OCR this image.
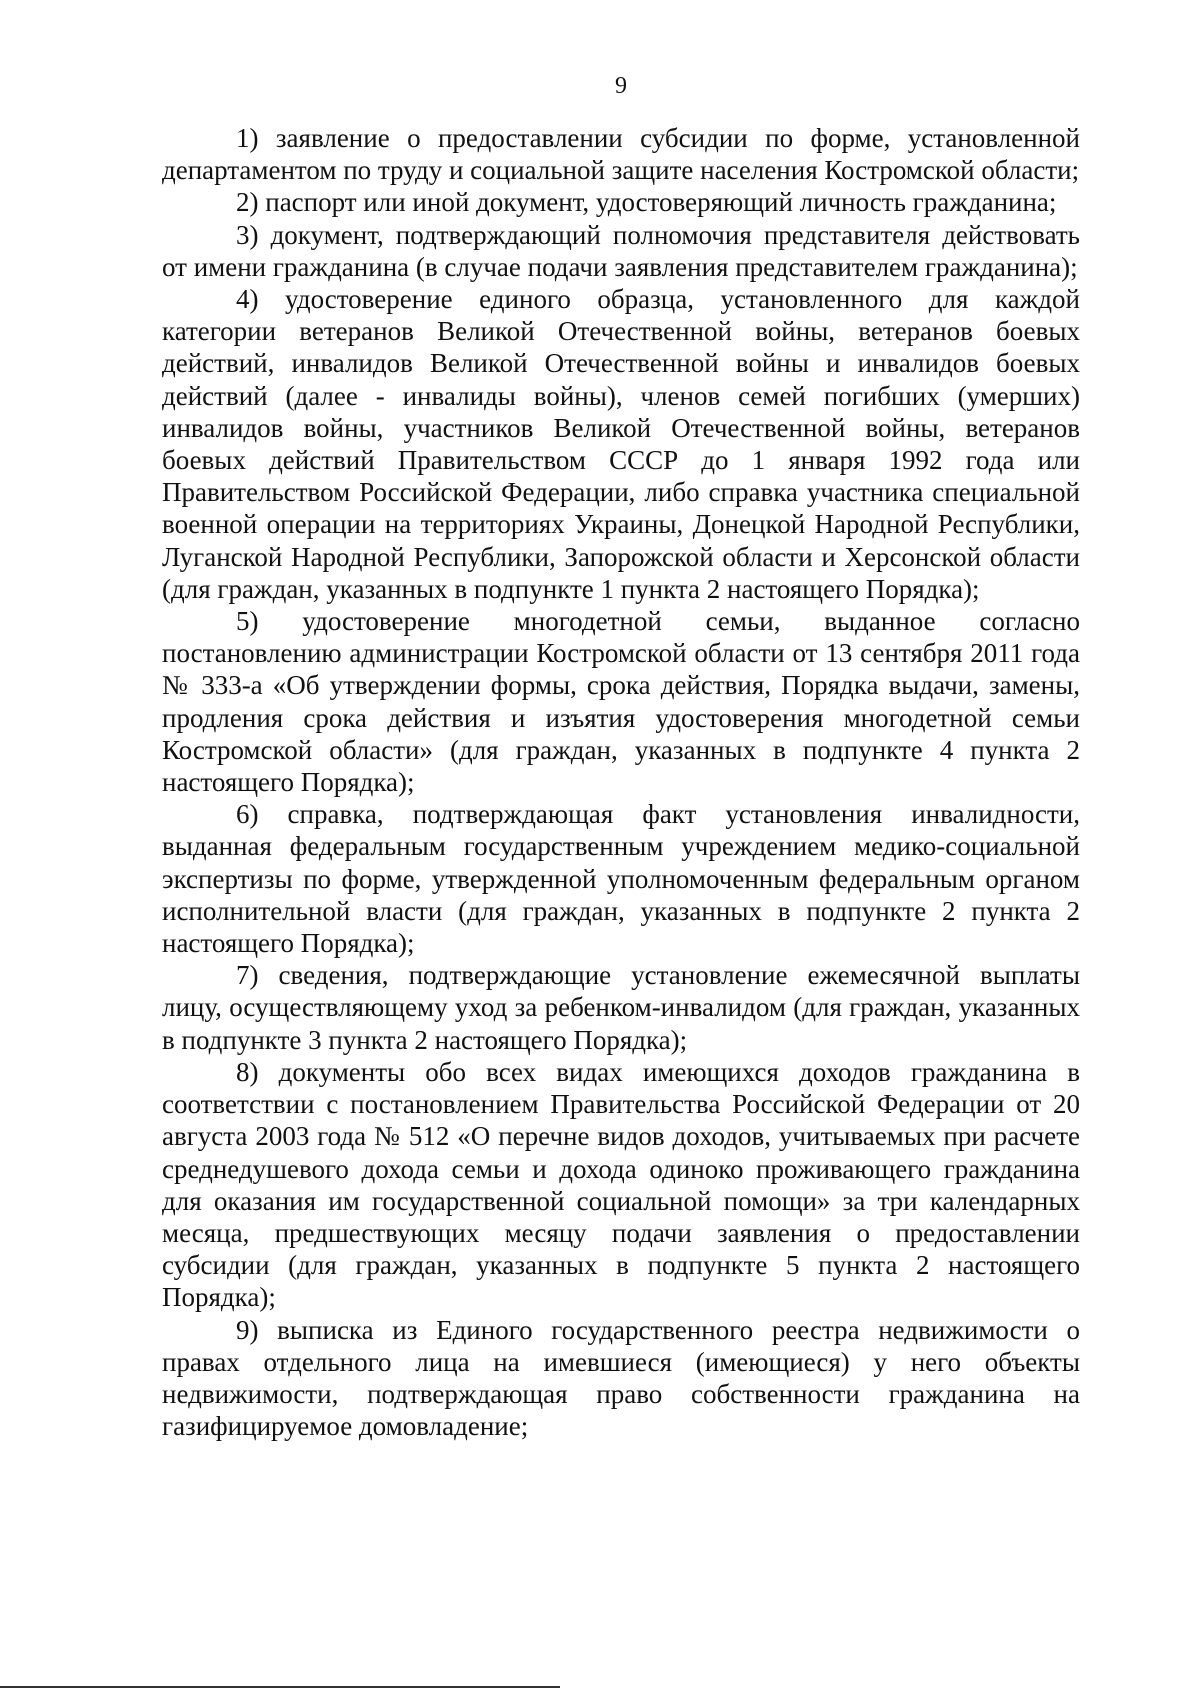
9

1) заявление о предоставлении субсидии по форме, установленной департаментом по труду и социальной защите населения Костромской области;

2) паспорт или иной документ, удостоверяющий личность гражданина;

3) документ, подтверждающий полномочия представителя действовать от имени гражданина (в случае подачи заявления представителем гражданина);

4) удостоверение единого образца, установленного для каждой категории ветеранов Великой Отечественной войны, ветеранов боевых действий, инвалидов Великой Отечественной войны и инвалидов боевых действий (далее - инвалиды войны), членов семей погибших (умерших) инвалидов войны, участников Великой Отечественной войны, ветеранов боевых действий Правительством СССР до 1 января 1992 года или Правительством Российской Федерации, либо справка участника специальной военной операции на территориях Украины, Донецкой Народной Республики, Луганской Народной Республики, Запорожской области и Херсонской области (для граждан, указанных в подпункте 1 пункта 2 настоящего Порядка);

5) удостоверение многодетной семьи, выданное согласно постановлению администрации Костромской области от 13 сентября 2011 года № 333-а «Об утверждении формы, срока действия, Порядка выдачи, замены, продления срока действия и изъятия удостоверения многодетной семьи Костромской области» (для граждан, указанных в подпункте 4 пункта 2 настоящего Порядка);

6) справка, подтверждающая факт установления инвалидности, выданная федеральным государственным учреждением медико-социальной экспертизы по форме, утвержденной уполномоченным федеральным органом исполнительной власти (для граждан, указанных в подпункте 2 пункта 2 настоящего Порядка);

7) сведения, подтверждающие установление ежемесячной выплаты лицу, осуществляющему уход за ребенком-инвалидом (для граждан, указанных в подпункте 3 пункта 2 настоящего Порядка);

8) документы обо всех видах имеющихся доходов гражданина в соответствии с постановлением Правительства Российской Федерации от 20 августа 2003 года № 512 «О перечне видов доходов, учитываемых при расчете среднедушевого дохода семьи и дохода одиноко проживающего гражданина для оказания им государственной социальной помощи» за три календарных месяца, предшествующих месяцу подачи заявления о предоставлении субсидии (для граждан, указанных в подпункте 5 пункта 2 настоящего Порядка);

9) выписка из Единого государственного реестра недвижимости о правах отдельного лица на имевшиеся (имеющиеся) у него объекты недвижимости, подтверждающая право собственности гражданина на газифицируемое домовладение;
